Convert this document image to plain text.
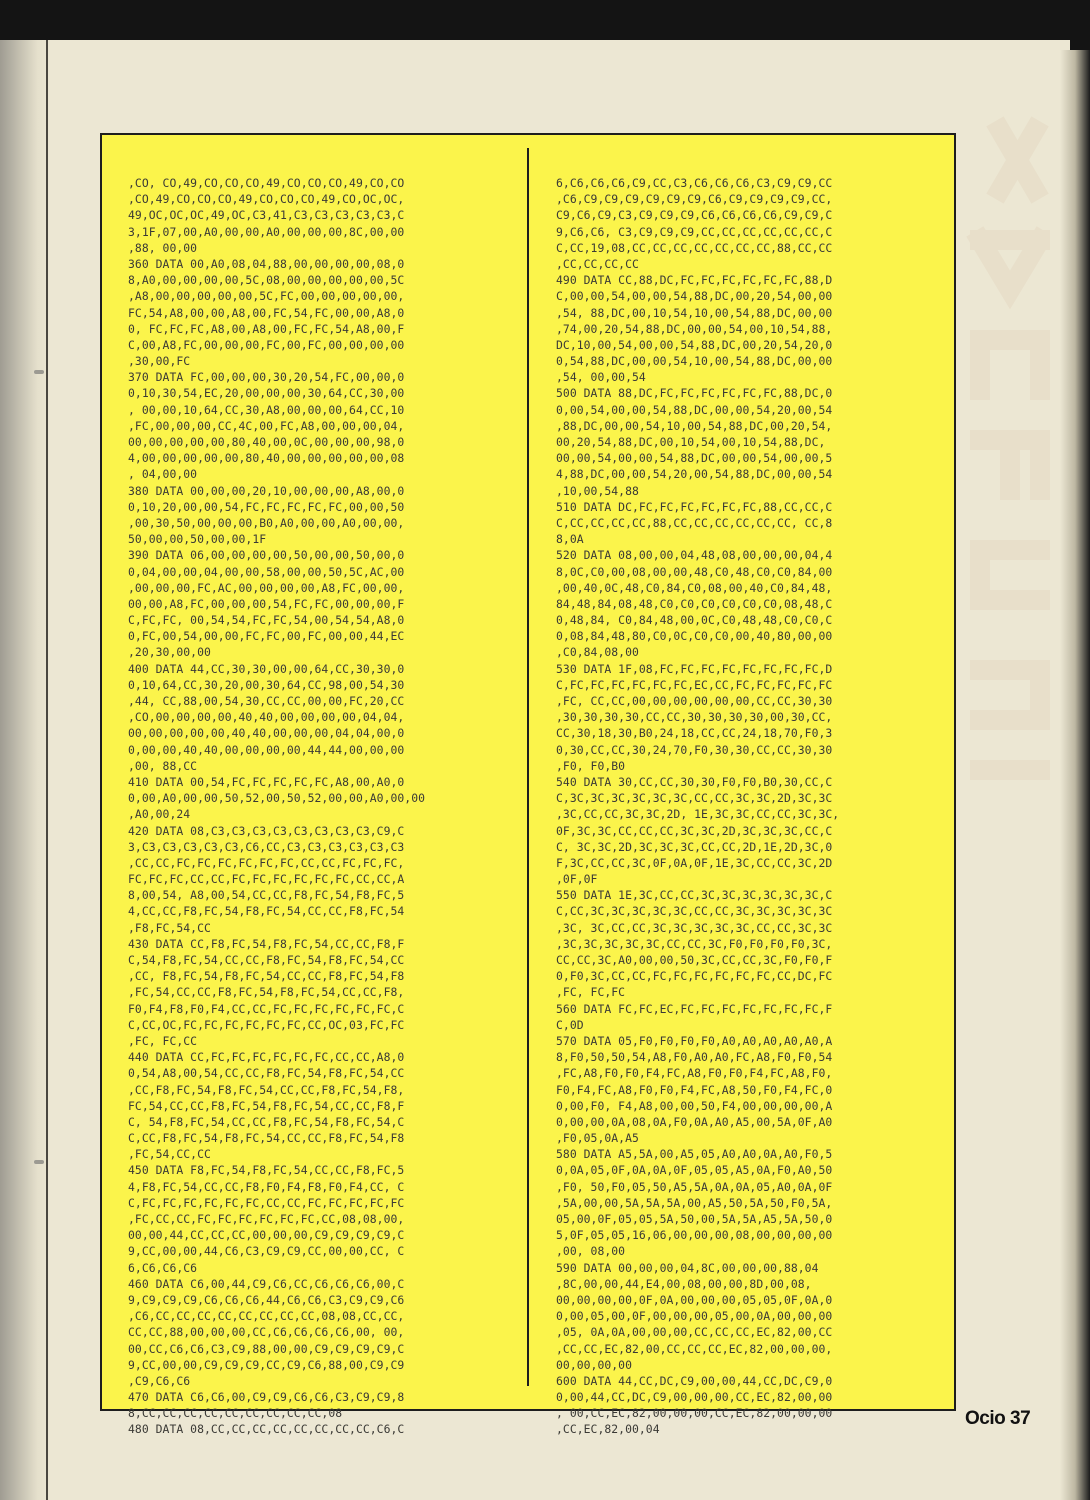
,CO, CO,49,CO,CO,CO,49,CO,CO,CO,49,CO,CO
,CO,49,CO,CO,CO,49,CO,CO,CO,49,CO,OC,OC,
49,OC,OC,OC,49,OC,C3,41,C3,C3,C3,C3,C3,C
3,1F,07,00,A0,00,00,A0,00,00,00,8C,00,00
,88, 00,00
360 DATA 00,A0,08,04,88,00,00,00,00,08,0
8,A0,00,00,00,00,5C,08,00,00,00,00,00,5C
,A8,00,00,00,00,00,5C,FC,00,00,00,00,00,
FC,54,A8,00,00,A8,00,FC,54,FC,00,00,A8,0
0, FC,FC,FC,A8,00,A8,00,FC,FC,54,A8,00,F
C,00,A8,FC,00,00,00,FC,00,FC,00,00,00,00
,30,00,FC
370 DATA FC,00,00,00,30,20,54,FC,00,00,0
0,10,30,54,EC,20,00,00,00,30,64,CC,30,00
, 00,00,10,64,CC,30,A8,00,00,00,64,CC,10
,FC,00,00,00,CC,4C,00,FC,A8,00,00,00,04,
00,00,00,00,00,80,40,00,0C,00,00,00,98,0
4,00,00,00,00,00,80,40,00,00,00,00,00,08
, 04,00,00
380 DATA 00,00,00,20,10,00,00,00,A8,00,0
0,10,20,00,00,54,FC,FC,FC,FC,FC,00,00,50
,00,30,50,00,00,00,B0,A0,00,00,A0,00,00,
50,00,00,50,00,00,1F
390 DATA 06,00,00,00,00,50,00,00,50,00,0
0,04,00,00,04,00,00,58,00,00,50,5C,AC,00
,00,00,00,FC,AC,00,00,00,00,A8,FC,00,00,
00,00,A8,FC,00,00,00,54,FC,FC,00,00,00,F
C,FC,FC, 00,54,54,FC,FC,54,00,54,54,A8,0
0,FC,00,54,00,00,FC,FC,00,FC,00,00,44,EC
,20,30,00,00
400 DATA 44,CC,30,30,00,00,64,CC,30,30,0
0,10,64,CC,30,20,00,30,64,CC,98,00,54,30
,44, CC,88,00,54,30,CC,CC,00,00,FC,20,CC
,CO,00,00,00,00,40,40,00,00,00,00,04,04,
00,00,00,00,00,40,40,00,00,00,04,04,00,0
0,00,00,40,40,00,00,00,00,44,44,00,00,00
,00, 88,CC
410 DATA 00,54,FC,FC,FC,FC,FC,A8,00,A0,0
0,00,A0,00,00,50,52,00,50,52,00,00,A0,00,00
,A0,00,24
420 DATA 08,C3,C3,C3,C3,C3,C3,C3,C3,C9,C
3,C3,C3,C3,C3,C3,C6,CC,C3,C3,C3,C3,C3,C3
,CC,CC,FC,FC,FC,FC,FC,FC,CC,CC,FC,FC,FC,
FC,FC,FC,CC,CC,FC,FC,FC,FC,FC,FC,CC,CC,A
8,00,54, A8,00,54,CC,CC,F8,FC,54,F8,FC,5
4,CC,CC,F8,FC,54,F8,FC,54,CC,CC,F8,FC,54
,F8,FC,54,CC
430 DATA CC,F8,FC,54,F8,FC,54,CC,CC,F8,F
C,54,F8,FC,54,CC,CC,F8,FC,54,F8,FC,54,CC
,CC, F8,FC,54,F8,FC,54,CC,CC,F8,FC,54,F8
,FC,54,CC,CC,F8,FC,54,F8,FC,54,CC,CC,F8,
F0,F4,F8,F0,F4,CC,CC,FC,FC,FC,FC,FC,FC,C
C,CC,OC,FC,FC,FC,FC,FC,FC,CC,OC,03,FC,FC
,FC, FC,CC
440 DATA CC,FC,FC,FC,FC,FC,FC,CC,CC,A8,0
0,54,A8,00,54,CC,CC,F8,FC,54,F8,FC,54,CC
,CC,F8,FC,54,F8,FC,54,CC,CC,F8,FC,54,F8,
FC,54,CC,CC,F8,FC,54,F8,FC,54,CC,CC,F8,F
C, 54,F8,FC,54,CC,CC,F8,FC,54,F8,FC,54,C
C,CC,F8,FC,54,F8,FC,54,CC,CC,F8,FC,54,F8
,FC,54,CC,CC
450 DATA F8,FC,54,F8,FC,54,CC,CC,F8,FC,5
4,F8,FC,54,CC,CC,F8,F0,F4,F8,F0,F4,CC, C
C,FC,FC,FC,FC,FC,FC,CC,CC,FC,FC,FC,FC,FC
,FC,CC,CC,FC,FC,FC,FC,FC,FC,CC,08,08,00,
00,00,44,CC,CC,CC,00,00,00,C9,C9,C9,C9,C
9,CC,00,00,44,C6,C3,C9,C9,CC,00,00,CC, C
6,C6,C6,C6
460 DATA C6,00,44,C9,C6,CC,C6,C6,C6,00,C
9,C9,C9,C9,C6,C6,C6,44,C6,C6,C3,C9,C9,C6
,C6,CC,CC,CC,CC,CC,CC,CC,CC,08,08,CC,CC,
CC,CC,88,00,00,00,CC,C6,C6,C6,C6,00, 00,
00,CC,C6,C6,C3,C9,88,00,00,C9,C9,C9,C9,C
9,CC,00,00,C9,C9,C9,CC,C9,C6,88,00,C9,C9
,C9,C6,C6
470 DATA C6,C6,00,C9,C9,C6,C6,C3,C9,C9,8
8,CC,CC,CC,CC,CC,CC,CC,CC,CC,08
480 DATA 08,CC,CC,CC,CC,CC,CC,CC,CC,C6,C
6,C6,C6,C6,C9,CC,C3,C6,C6,C6,C3,C9,C9,CC
,C6,C9,C9,C9,C9,C9,C9,C6,C9,C9,C9,C9,CC,
C9,C6,C9,C3,C9,C9,C9,C6,C6,C6,C6,C9,C9,C
9,C6,C6, C3,C9,C9,C9,CC,CC,CC,CC,CC,CC,C
C,CC,19,08,CC,CC,CC,CC,CC,CC,CC,88,CC,CC
,CC,CC,CC,CC
490 DATA CC,88,DC,FC,FC,FC,FC,FC,FC,88,D
C,00,00,54,00,00,54,88,DC,00,20,54,00,00
,54, 88,DC,00,10,54,10,00,54,88,DC,00,00
,74,00,20,54,88,DC,00,00,54,00,10,54,88,
DC,10,00,54,00,00,54,88,DC,00,20,54,20,0
0,54,88,DC,00,00,54,10,00,54,88,DC,00,00
,54, 00,00,54
500 DATA 88,DC,FC,FC,FC,FC,FC,FC,88,DC,0
0,00,54,00,00,54,88,DC,00,00,54,20,00,54
,88,DC,00,00,54,10,00,54,88,DC,00,20,54,
00,20,54,88,DC,00,10,54,00,10,54,88,DC,
00,00,54,00,00,54,88,DC,00,00,54,00,00,5
4,88,DC,00,00,54,20,00,54,88,DC,00,00,54
,10,00,54,88
510 DATA DC,FC,FC,FC,FC,FC,FC,88,CC,CC,C
C,CC,CC,CC,CC,88,CC,CC,CC,CC,CC,CC, CC,8
8,0A
520 DATA 08,00,00,04,48,08,00,00,00,04,4
8,0C,C0,00,08,00,00,48,C0,48,C0,C0,84,00
,00,40,0C,48,C0,84,C0,08,00,40,C0,84,48,
84,48,84,08,48,C0,C0,C0,C0,C0,C0,08,48,C
0,48,84, C0,84,48,00,0C,C0,48,48,C0,C0,C
0,08,84,48,80,C0,0C,C0,C0,00,40,80,00,00
,C0,84,08,00
530 DATA 1F,08,FC,FC,FC,FC,FC,FC,FC,FC,D
C,FC,FC,FC,FC,FC,FC,EC,CC,FC,FC,FC,FC,FC
,FC, CC,CC,00,00,00,00,00,00,CC,CC,30,30
,30,30,30,30,CC,CC,30,30,30,30,00,30,CC,
CC,30,18,30,B0,24,18,CC,CC,24,18,70,F0,3
0,30,CC,CC,30,24,70,F0,30,30,CC,CC,30,30
,F0, F0,B0
540 DATA 30,CC,CC,30,30,F0,F0,B0,30,CC,C
C,3C,3C,3C,3C,3C,3C,CC,CC,3C,3C,2D,3C,3C
,3C,CC,CC,3C,3C,2D, 1E,3C,3C,CC,CC,3C,3C,
0F,3C,3C,CC,CC,CC,3C,3C,2D,3C,3C,3C,CC,C
C, 3C,3C,2D,3C,3C,3C,CC,CC,2D,1E,2D,3C,0
F,3C,CC,CC,3C,0F,0A,0F,1E,3C,CC,CC,3C,2D
,0F,0F
550 DATA 1E,3C,CC,CC,3C,3C,3C,3C,3C,3C,C
C,CC,3C,3C,3C,3C,3C,CC,CC,3C,3C,3C,3C,3C
,3C, 3C,CC,CC,3C,3C,3C,3C,3C,CC,CC,3C,3C
,3C,3C,3C,3C,3C,CC,CC,3C,F0,F0,F0,F0,3C,
CC,CC,3C,A0,00,00,50,3C,CC,CC,3C,F0,F0,F
0,F0,3C,CC,CC,FC,FC,FC,FC,FC,FC,CC,DC,FC
,FC, FC,FC
560 DATA FC,FC,EC,FC,FC,FC,FC,FC,FC,FC,F
C,0D
570 DATA 05,F0,F0,F0,F0,A0,A0,A0,A0,A0,A
8,F0,50,50,54,A8,F0,A0,A0,FC,A8,F0,F0,54
,FC,A8,F0,F0,F4,FC,A8,F0,F0,F4,FC,A8,F0,
F0,F4,FC,A8,F0,F0,F4,FC,A8,50,F0,F4,FC,0
0,00,F0, F4,A8,00,00,50,F4,00,00,00,00,A
0,00,00,0A,08,0A,F0,0A,A0,A5,00,5A,0F,A0
,F0,05,0A,A5
580 DATA A5,5A,00,A5,05,A0,A0,0A,A0,F0,5
0,0A,05,0F,0A,0A,0F,05,05,A5,0A,F0,A0,50
,F0, 50,F0,05,50,A5,5A,0A,0A,05,A0,0A,0F
,5A,00,00,5A,5A,5A,00,A5,50,5A,50,F0,5A,
05,00,0F,05,05,5A,50,00,5A,5A,A5,5A,50,0
5,0F,05,05,16,06,00,00,00,08,00,00,00,00
,00, 08,00
590 DATA 00,00,00,04,8C,00,00,00,88,04
,8C,00,00,44,E4,00,08,00,00,8D,00,08,
00,00,00,00,0F,0A,00,00,00,05,05,0F,0A,0
0,00,05,00,0F,00,00,00,05,00,0A,00,00,00
,05, 0A,0A,00,00,00,CC,CC,CC,EC,82,00,CC
,CC,CC,EC,82,00,CC,CC,CC,EC,82,00,00,00,
00,00,00,00
600 DATA 44,CC,DC,C9,00,00,44,CC,DC,C9,0
0,00,44,CC,DC,C9,00,00,00,CC,EC,82,00,00
, 00,CC,EC,82,00,00,00,CC,EC,82,00,00,00
,CC,EC,82,00,04
Ocio 37
